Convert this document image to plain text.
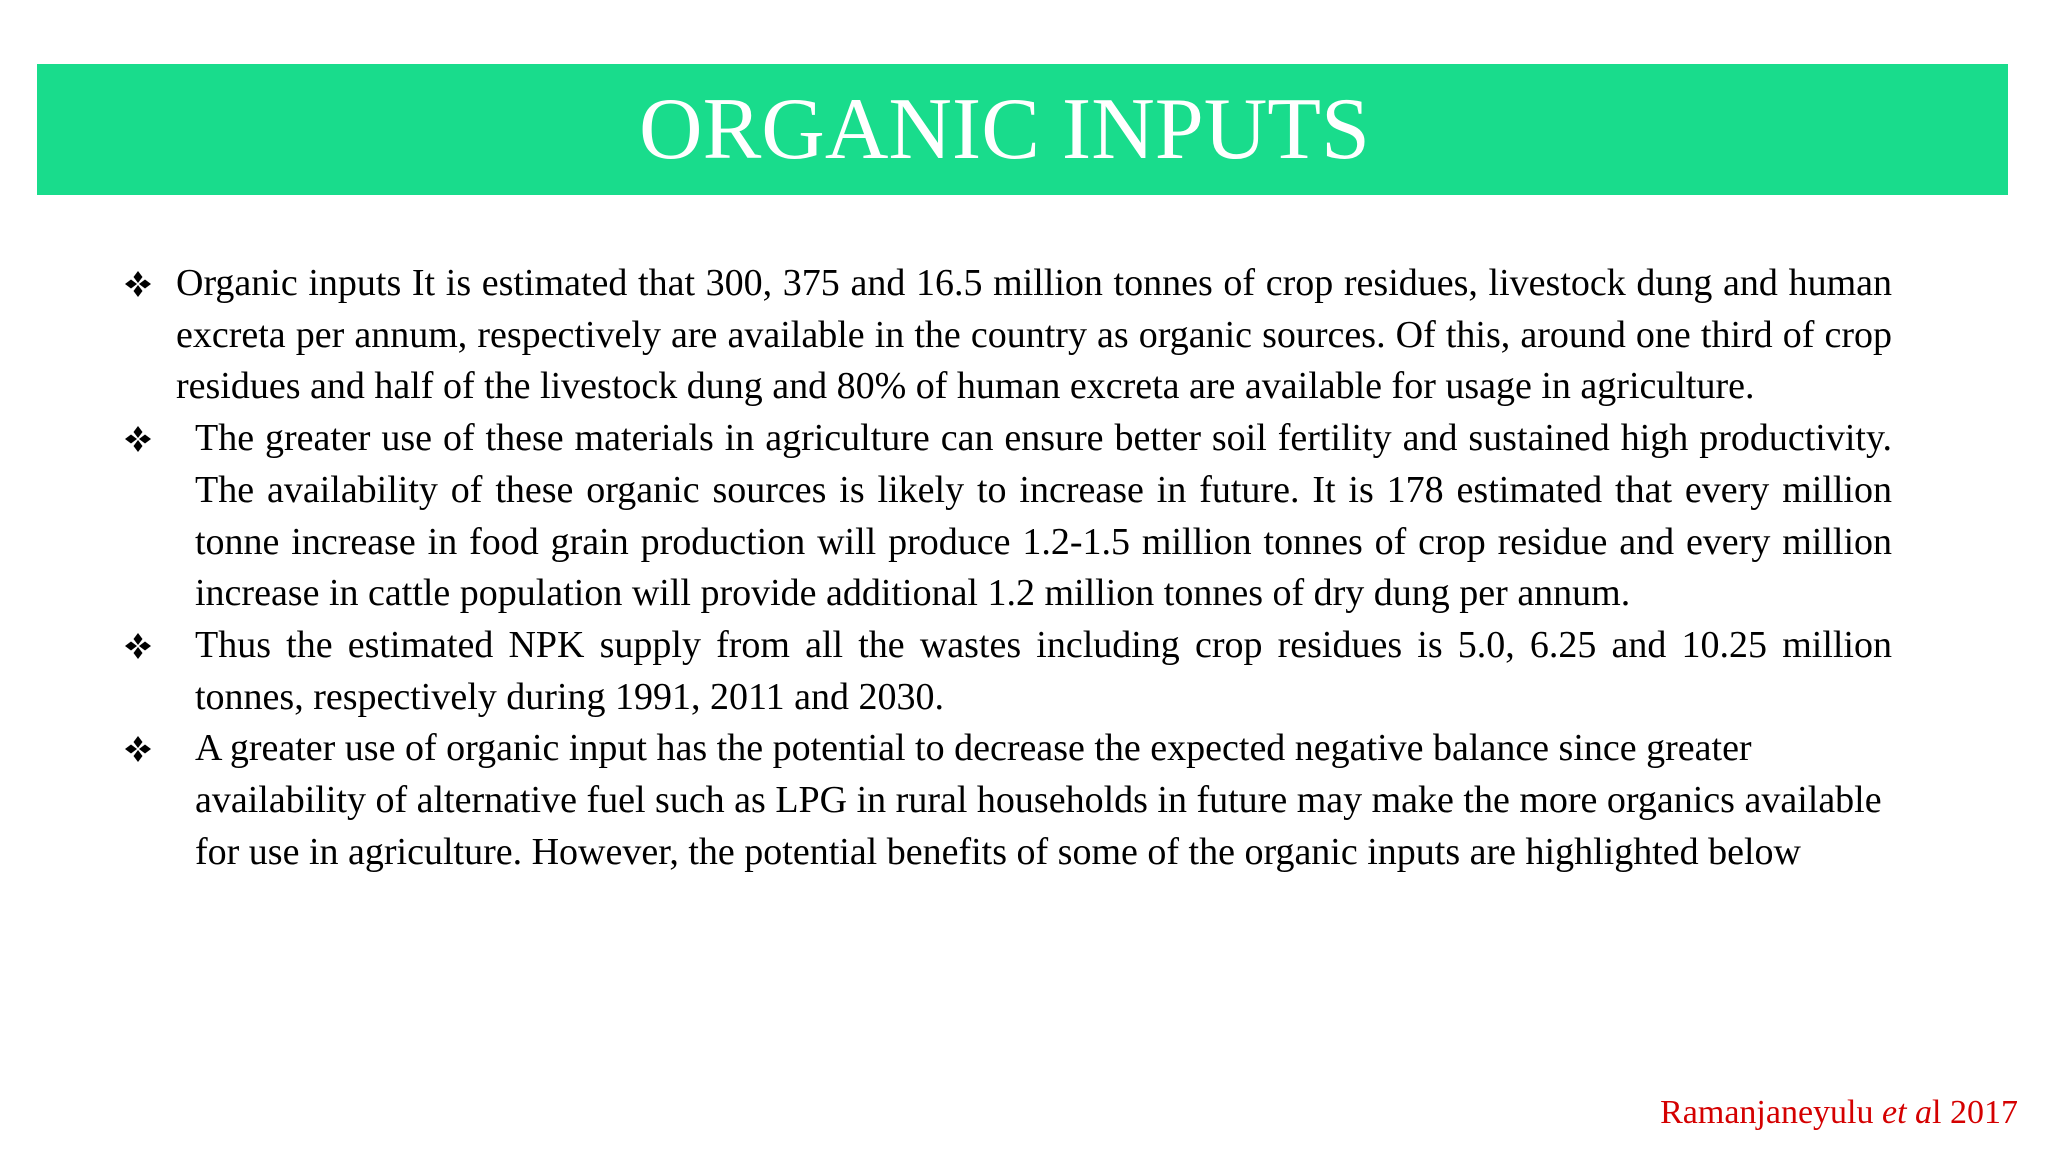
ORGANIC INPUTS
Organic inputs It is estimated that 300, 375 and 16.5 million tonnes of crop residues, livestock dung and human excreta per annum, respectively are available in the country as organic sources. Of this, around one third of crop residues and half of the livestock dung and 80% of human excreta are available for usage in agriculture.
The greater use of these materials in agriculture can ensure better soil fertility and sustained high productivity. The availability of these organic sources is likely to increase in future. It is 178 estimated that every million tonne increase in food grain production will produce 1.2-1.5 million tonnes of crop residue and every million increase in cattle population will provide additional 1.2 million tonnes of dry dung per annum.
Thus the estimated NPK supply from all the wastes including crop residues is 5.0, 6.25 and 10.25 million tonnes, respectively during 1991, 2011 and 2030.
A greater use of organic input has the potential to decrease the expected negative balance since greater availability of alternative fuel such as LPG in rural households in future may make the more organics available for use in agriculture. However, the potential benefits of some of the organic inputs are highlighted below
Ramanjaneyulu et al 2017
